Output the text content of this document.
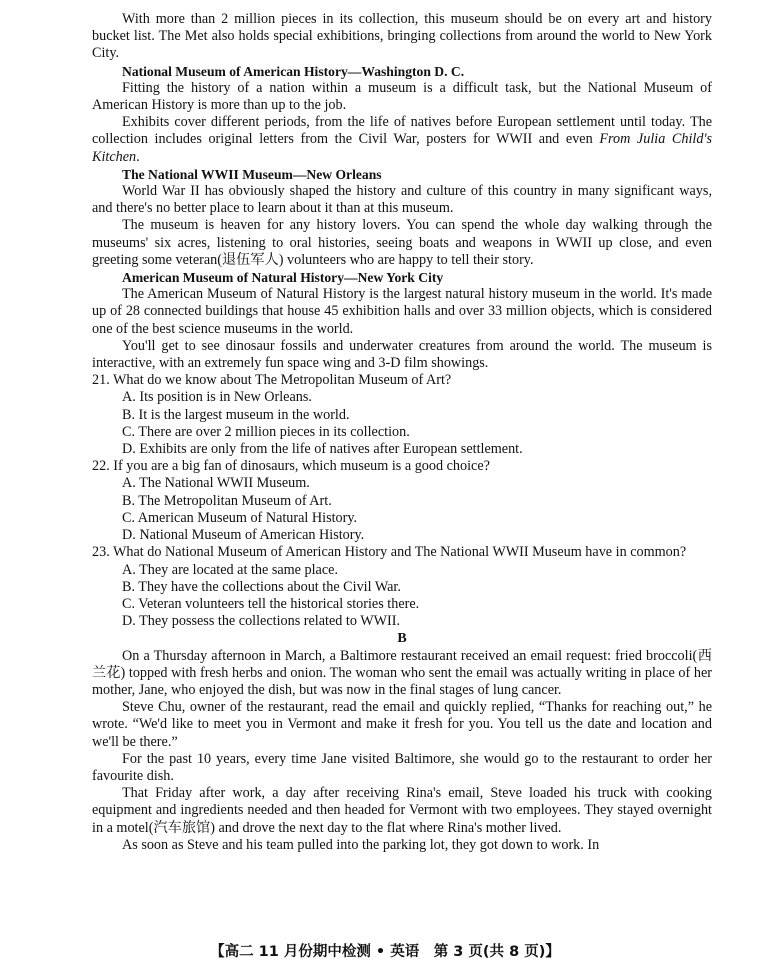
With more than 2 million pieces in its collection, this museum should be on every art and history bucket list. The Met also holds special exhibitions, bringing collections from around the world to New York City.

National Museum of American History—Washington D. C.

Fitting the history of a nation within a museum is a difficult task, but the National Museum of American History is more than up to the job.

Exhibits cover different periods, from the life of natives before European settlement until today. The collection includes original letters from the Civil War, posters for WWII and even From Julia Child's Kitchen.

The National WWII Museum—New Orleans

World War II has obviously shaped the history and culture of this country in many significant ways, and there's no better place to learn about it than at this museum.

The museum is heaven for any history lovers. You can spend the whole day walking through the museums' six acres, listening to oral histories, seeing boats and weapons in WWII up close, and even greeting some veteran(退伍军人) volunteers who are happy to tell their story.

American Museum of Natural History—New York City

The American Museum of Natural History is the largest natural history museum in the world. It's made up of 28 connected buildings that house 45 exhibition halls and over 33 million objects, which is considered one of the best science museums in the world.

You'll get to see dinosaur fossils and underwater creatures from around the world. The museum is interactive, with an extremely fun space wing and 3-D film showings.

21. What do we know about The Metropolitan Museum of Art?

A. Its position is in New Orleans.

B. It is the largest museum in the world.

C. There are over 2 million pieces in its collection.

D. Exhibits are only from the life of natives after European settlement.

22. If you are a big fan of dinosaurs, which museum is a good choice?

A. The National WWII Museum.

B. The Metropolitan Museum of Art.

C. American Museum of Natural History.

D. National Museum of American History.

23. What do National Museum of American History and The National WWII Museum have in common?

A. They are located at the same place.

B. They have the collections about the Civil War.

C. Veteran volunteers tell the historical stories there.

D. They possess the collections related to WWII.

B

On a Thursday afternoon in March, a Baltimore restaurant received an email request: fried broccoli(西兰花) topped with fresh herbs and onion. The woman who sent the email was actually writing in place of her mother, Jane, who enjoyed the dish, but was now in the final stages of lung cancer.

Steve Chu, owner of the restaurant, read the email and quickly replied, “Thanks for reaching out,” he wrote. “We'd like to meet you in Vermont and make it fresh for you. You tell us the date and location and we'll be there.”

For the past 10 years, every time Jane visited Baltimore, she would go to the restaurant to order her favourite dish.

That Friday after work, a day after receiving Rina's email, Steve loaded his truck with cooking equipment and ingredients needed and then headed for Vermont with two employees. They stayed overnight in a motel(汽车旅馆) and drove the next day to the flat where Rina's mother lived.

As soon as Steve and his team pulled into the parking lot, they got down to work. In

【高二 11 月份期中检测 • 英语　第 3 页(共 8 页)】
